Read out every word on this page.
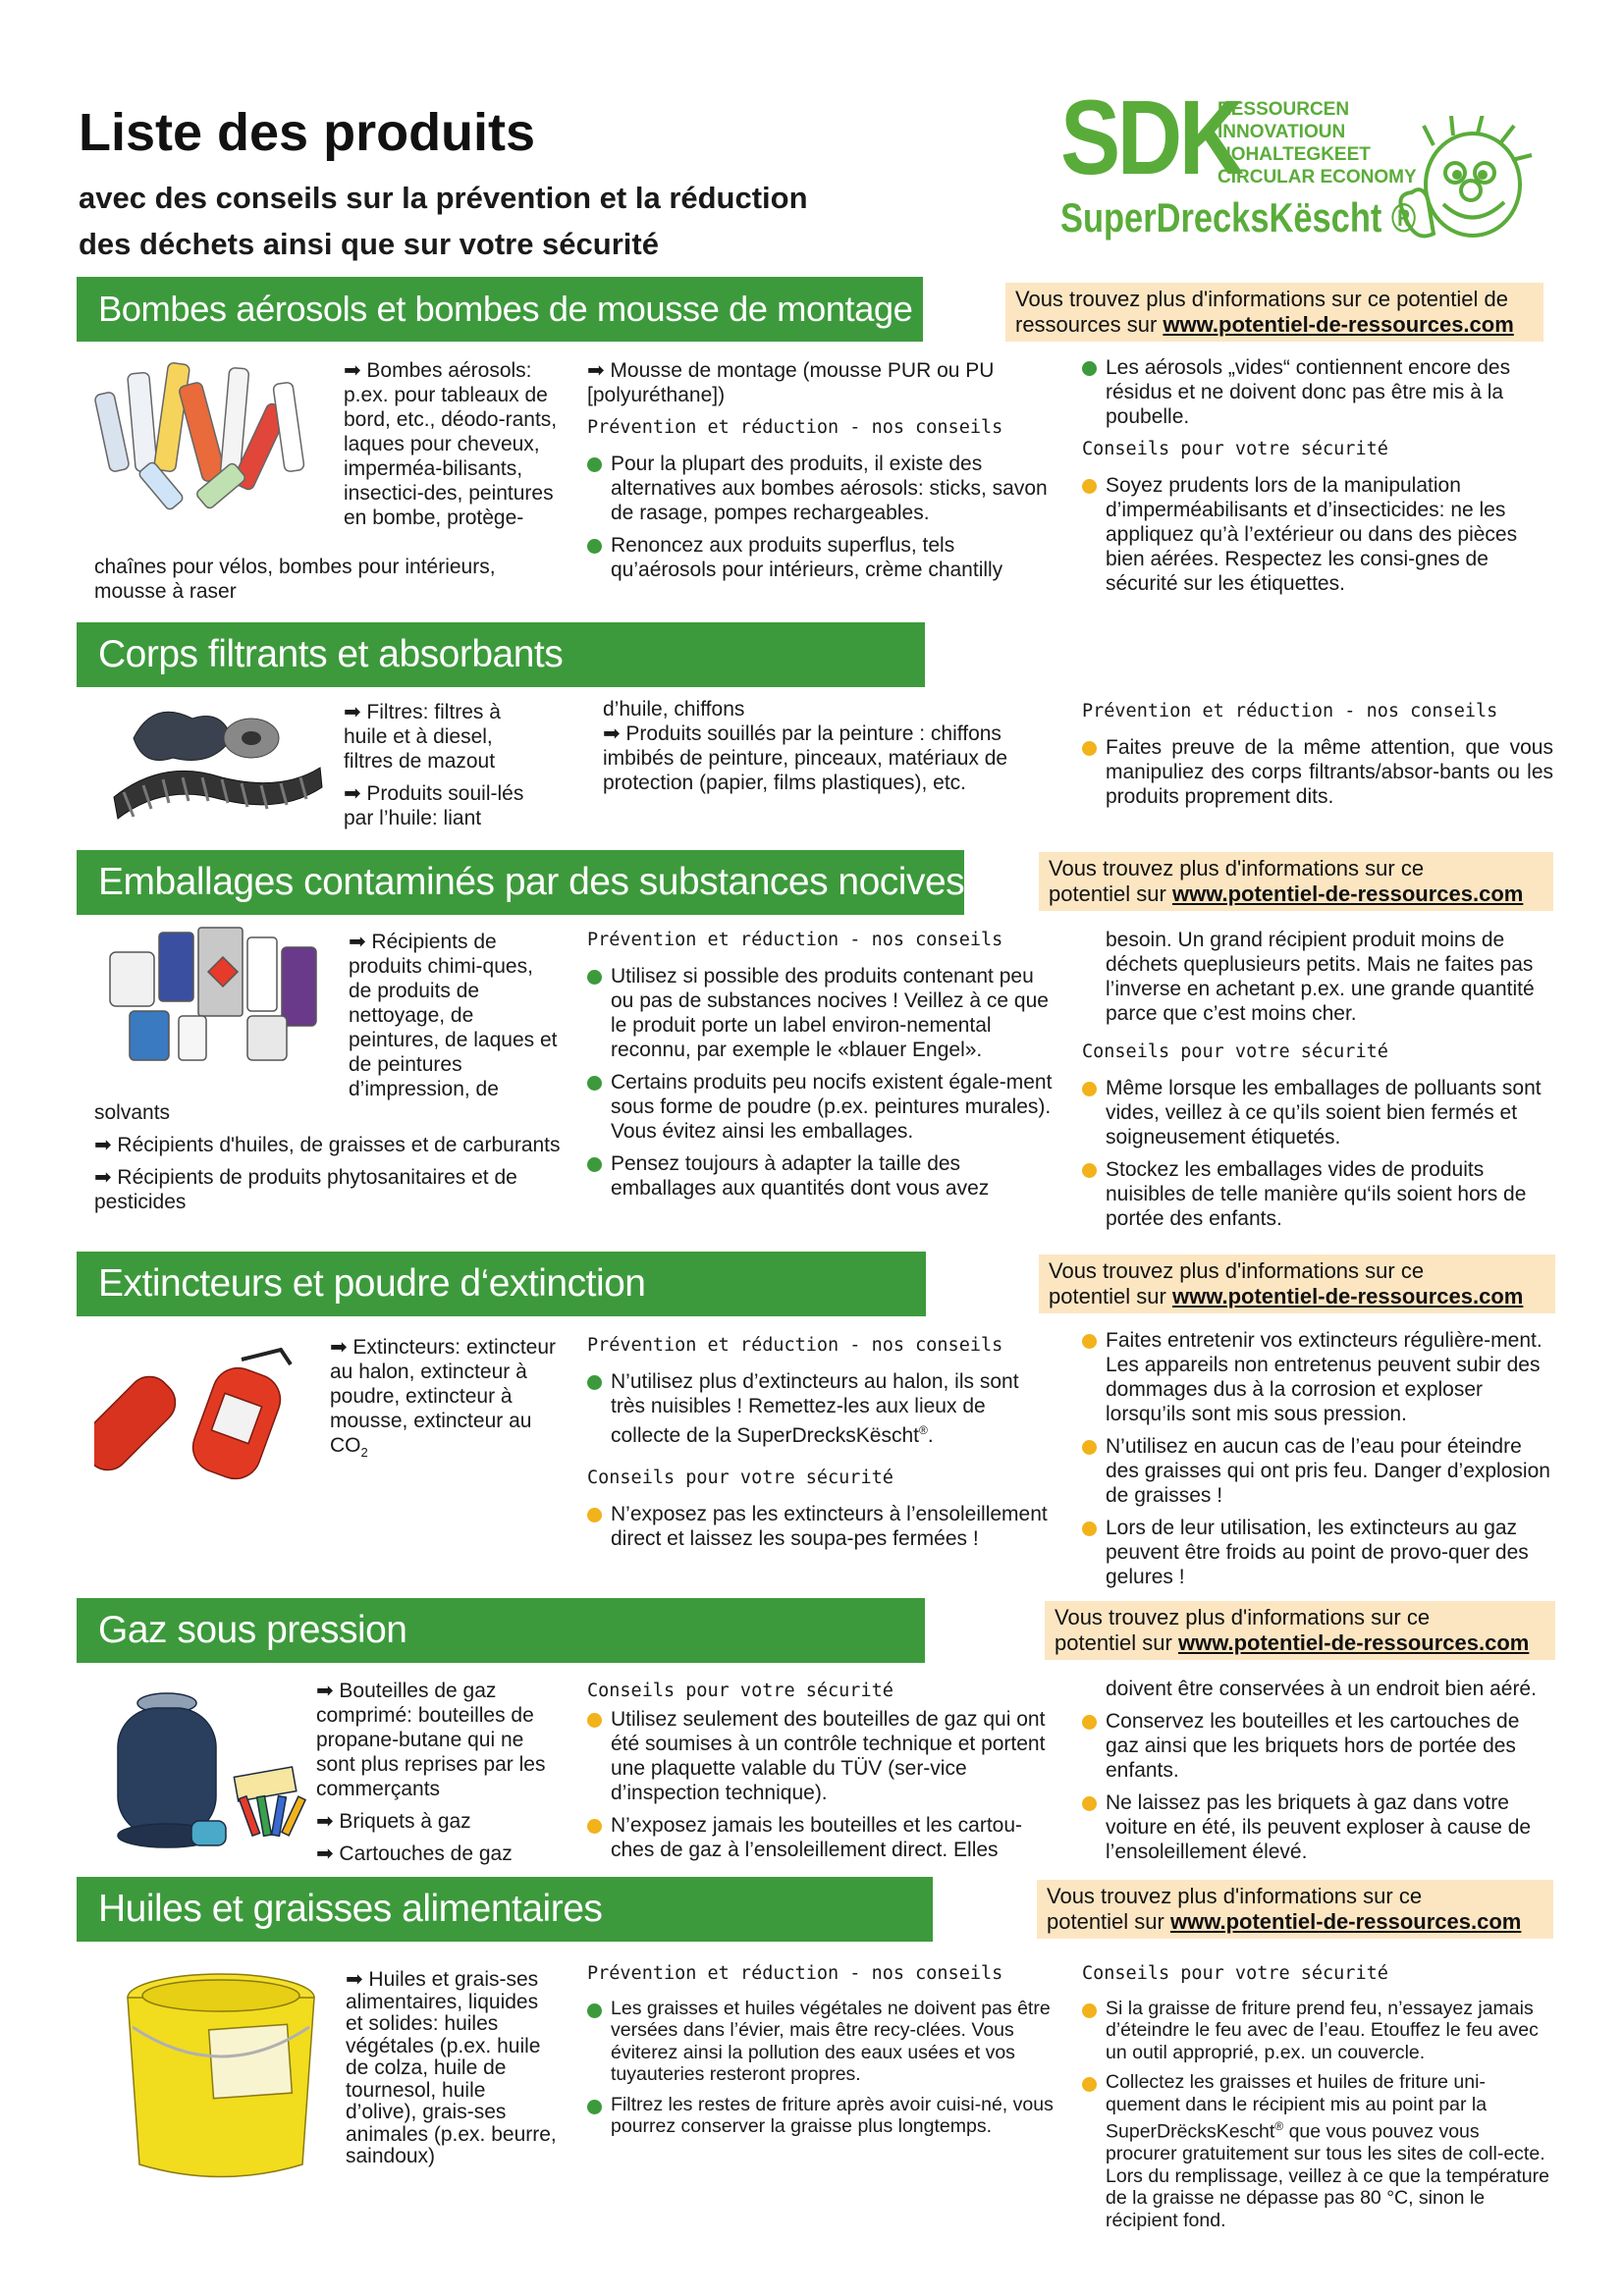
Liste des produits
avec des conseils sur la prévention et la réduction
des déchets ainsi que sur votre sécurité
SDK
RESSOURCEN
INNOVATIOUN
NOHALTEGKEET
CIRCULAR ECONOMY
SuperDrecksKëscht ®
Bombes aérosols et bombes de mousse de montage	Vous trouvez plus d'informations sur ce potentiel de
ressources sur www.potentiel-de-ressources.com
➡ Bombes aérosols: p.ex. pour tableaux de bord, etc., déodo-rants, laques pour cheveux, imperméa-bilisants, insectici-des, peintures en bombe, protège-
chaînes pour vélos, bombes pour intérieurs, mousse à raser

➡ Mousse de montage (mousse PUR ou PU [polyuréthane])

Prévention et réduction - nos conseils
Pour la plupart des produits, il existe des alternatives aux bombes aérosols: sticks, savon de rasage, pompes rechargeables.
Renoncez aux produits superflus, tels qu’aérosols pour intérieurs, crème chantilly
Les aérosols „vides“ contiennent encore des résidus et ne doivent donc pas être mis à la poubelle.
Conseils pour votre sécurité
Soyez prudents lors de la manipulation d’imperméabilisants et d’insecticides: ne les appliquez qu’à l’extérieur ou dans des pièces bien aérées. Respectez les consi-gnes de sécurité sur les étiquettes.
Corps filtrants et absorbants

➡ Filtres: filtres à huile et à diesel, filtres de mazout

➡ Produits souil-lés par l’huile: liant

d’huile, chiffons
➡ Produits souillés par la peinture : chiffons imbibés de peinture, pinceaux, matériaux de protection (papier, films plastiques), etc.
Prévention et réduction - nos conseils
Faites preuve de la même attention, que vous manipuliez des corps filtrants/absor-bants ou les produits proprement dits.
Emballages contaminés par des substances nocives	Vous trouvez plus d'informations sur ce
potentiel sur www.potentiel-de-ressources.com
➡ Récipients de produits chimi-ques, de produits de nettoyage, de peintures, de laques et de peintures d’impression, de

solvants

➡ Récipients d'huiles, de graisses et de carburants

➡ Récipients de produits phytosanitaires et de pesticides

Prévention et réduction - nos conseils
Utilisez si possible des produits contenant peu ou pas de substances nocives ! Veillez à ce que le produit porte un label environ-nemental reconnu, par exemple le «blauer Engel».
Certains produits peu nocifs existent égale-ment sous forme de poudre (p.ex. peintures murales). Vous évitez ainsi les emballages.
Pensez toujours à adapter la taille des emballages aux quantités dont vous avez
besoin. Un grand récipient produit moins de déchets queplusieurs petits. Mais ne faites pas l’inverse en achetant p.ex. une grande quantité parce que c’est moins cher.
Conseils pour votre sécurité
Même lorsque les emballages de polluants sont vides, veillez à ce qu’ils soient bien fermés et soigneusement étiquetés.
Stockez les emballages vides de produits nuisibles de telle manière qu‘ils soient hors de portée des enfants.
Extincteurs et poudre d‘extinction	Vous trouvez plus d'informations sur ce
potentiel sur www.potentiel-de-ressources.com
➡ Extincteurs: extincteur au halon, extincteur à poudre, extincteur à mousse, extincteur au $CO_2$
Prévention et réduction - nos conseils
N’utilisez plus d’extincteurs au halon, ils sont très nuisibles ! Remettez-les aux lieux de collecte de la SuperDrecksKëscht®.
Conseils pour votre sécurité
N’exposez pas les extincteurs à l’ensoleillement direct et laissez les soupa-pes fermées !
Faites entretenir vos extincteurs régulière-ment. Les appareils non entretenus peuvent subir des dommages dus à la corrosion et exploser lorsqu’ils sont mis sous pression.
N’utilisez en aucun cas de l’eau pour éteindre des graisses qui ont pris feu. Danger d’explosion de graisses !
Lors de leur utilisation, les extincteurs au gaz peuvent être froids au point de provo-quer des gelures !
Gaz sous pression	Vous trouvez plus d'informations sur ce
potentiel sur www.potentiel-de-ressources.com

➡ Bouteilles de gaz comprimé: bouteilles de propane-butane qui ne sont plus reprises par les commerçants

➡ Briquets à gaz

➡ Cartouches de gaz

Conseils pour votre sécurité
Utilisez seulement des bouteilles de gaz qui ont été soumises à un contrôle technique et portent une plaquette valable du TÜV (ser-vice d’inspection technique).
N’exposez jamais les bouteilles et les cartou-ches de gaz à l’ensoleillement direct. Elles
doivent être conservées à un endroit bien aéré.
Conservez les bouteilles et les cartouches de gaz ainsi que les briquets hors de portée des enfants.
Ne laissez pas les briquets à gaz dans votre voiture en été, ils peuvent exploser à cause de l’ensoleillement élevé.
Huiles et graisses alimentaires	Vous trouvez plus d'informations sur ce
potentiel sur www.potentiel-de-ressources.com
➡ Huiles et grais-ses alimentaires, liquides et solides: huiles végétales (p.ex. huile de colza, huile de tournesol, huile d’olive), grais-ses animales (p.ex. beurre, saindoux)
Prévention et réduction - nos conseils
Les graisses et huiles végétales ne doivent pas être versées dans l’évier, mais être recy-clées. Vous éviterez ainsi la pollution des eaux usées et vos tuyauteries resteront propres.
Filtrez les restes de friture après avoir cuisi-né, vous pourrez conserver la graisse plus longtemps.
Conseils pour votre sécurité
Si la graisse de friture prend feu, n’essayez jamais d’éteindre le feu avec de l’eau. Etouffez le feu avec un outil approprié, p.ex. un couvercle.
Collectez les graisses et huiles de friture uni-quement dans le récipient mis au point par la SuperDrëcksKescht® que vous pouvez vous procurer gratuitement sur tous les sites de coll-ecte. Lors du remplissage, veillez à ce que la température de la graisse ne dépasse pas 80 °C, sinon le récipient fond.
